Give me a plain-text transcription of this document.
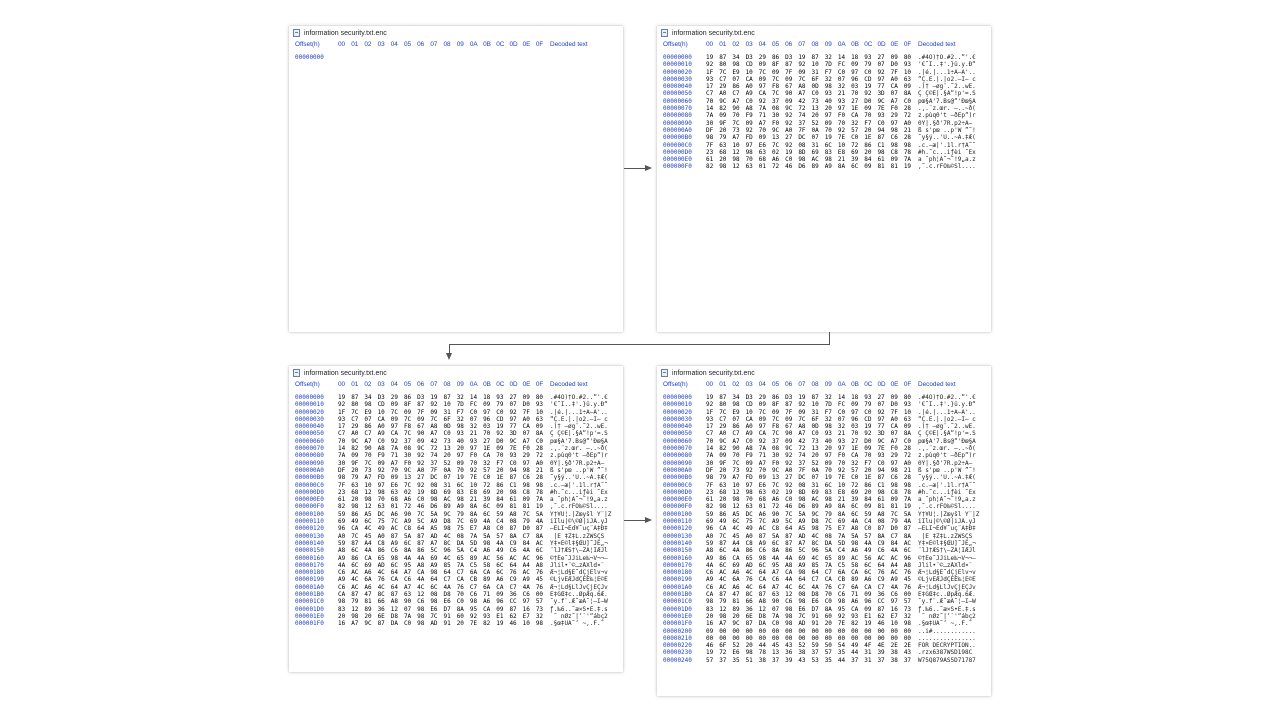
information security.txt.enc
Offset(h)	00 01 02 03 04 05 06 07 08 09 0A 0B 0C 0D 0E 0F	Decoded text
00000000
information security.txt.enc
Offset(h)	00 01 02 03 04 05 06 07 08 09 0A 0B 0C 0D 0E 0F	Decoded text
00000000	19 87 34 D3 29 86 D3 19 87 32 14 18 93 27 09 80	.#4Ó)†Ó.#2..“'.€
00000010	92 80 98 CD 09 8F 87 92 10 7D FC 09 79 07 D0 93	'€˜Í..‡'.}ü.y.Ð“
00000020	1F 7C E9 10 7C 09 7F 09 31 F7 C0 97 C0 92 7F 10	.|é.|...1÷À—À'..
00000030	93 C7 07 CA 09 7C 09 7C 6F 32 07 96 CD 97 A0 63	“Ç.Ê.|.|o2.–Í— c
00000040	17 29 86 A0 97 F8 67 A8 0D 98 32 03 19 77 CA 09	.)† —øg¨.˜2..wÊ.
00000050	C7 A0 C7 A9 CA 7C 90 A7 C0 93 21 70 92 3D 07 8A	Ç Ç©Ê|.§À“!p'=.Š
00000060	70 9C A7 C0 92 37 09 42 73 40 93 27 D0 9C A7 C0	pœ§À'7.Bs@“'Ðœ§À
00000070	14 82 90 A8 7A 08 9C 72 13 20 97 1E 09 7E F0 28	.‚.¨z.œr. —..~ð(
00000080	7A 09 70 F9 71 30 92 74 20 97 F0 CA 70 93 29 72	z.pùq0't —ðÊp“)r
00000090	30 9F 7C 09 A7 F0 92 37 52 09 70 32 F7 C0 97 A0	0Ÿ|.§ð'7R.p2÷À—
000000A0	DF 20 73 92 70 9C A0 7F 0A 70 92 57 20 94 98 21	ß s'pœ ..p'W ”˜!
000000B0	98 79 A7 FD 09 13 27 DC 07 19 7E C0 1E 87 C6 28	˜y§ý..'Ü..~À.‡Æ(
000000C0	7F 63 10 97 E6 7C 92 08 31 6C 10 72 86 C1 98 98	.c.—æ|'.1l.r†Á˜˜
000000D0	23 68 12 98 63 02 19 8D 69 83 E8 69 20 98 C8 78	#h.˜c...iƒèi ˜Èx
000000E0	61 20 98 70 68 A6 C0 98 AC 98 21 39 84 61 09 7A	a ˜ph¦À˜¬˜!9„a.z
000000F0	82 98 12 63 01 72 46 D6 89 A9 8A 6C 09 81 81 19	‚˜.c.rFÖ‰©Šl....
information security.txt.enc
Offset(h)	00 01 02 03 04 05 06 07 08 09 0A 0B 0C 0D 0E 0F	Decoded text
00000000	19 87 34 D3 29 86 D3 19 87 32 14 18 93 27 09 80	.#4Ó)†Ó.#2..“'.€
00000010	92 80 98 CD 09 8F 87 92 10 7D FC 09 79 07 D0 93	'€˜Í..‡'.}ü.y.Ð“
00000020	1F 7C E9 10 7C 09 7F 09 31 F7 C0 97 C0 92 7F 10	.|é.|...1÷À—À'..
00000030	93 C7 07 CA 09 7C 09 7C 6F 32 07 96 CD 97 A0 63	“Ç.Ê.|.|o2.–Í— c
00000040	17 29 86 A0 97 F8 67 A8 0D 98 32 03 19 77 CA 09	.)† —øg¨.˜2..wÊ.
00000050	C7 A0 C7 A9 CA 7C 90 A7 C0 93 21 70 92 3D 07 8A	Ç Ç©Ê|.§À“!p'=.Š
00000060	70 9C A7 C0 92 37 09 42 73 40 93 27 D0 9C A7 C0	pœ§À'7.Bs@“'Ðœ§À
00000070	14 82 90 A8 7A 08 9C 72 13 20 97 1E 09 7E F0 28	.‚.¨z.œr. —..~ð(
00000080	7A 09 70 F9 71 30 92 74 20 97 F0 CA 70 93 29 72	z.pùq0't —ðÊp“)r
00000090	30 9F 7C 09 A7 F0 92 37 52 09 70 32 F7 C0 97 A0	0Ÿ|.§ð'7R.p2÷À—
000000A0	DF 20 73 92 70 9C A0 7F 0A 70 92 57 20 94 98 21	ß s'pœ ..p'W ”˜!
000000B0	98 79 A7 FD 09 13 27 DC 07 19 7E C0 1E 87 C6 28	˜y§ý..'Ü..~À.‡Æ(
000000C0	7F 63 10 97 E6 7C 92 08 31 6C 10 72 86 C1 98 98	.c.—æ|'.1l.r†Á˜˜
000000D0	23 68 12 98 63 02 19 8D 69 83 E8 69 20 98 C8 78	#h.˜c...iƒèi ˜Èx
000000E0	61 20 98 70 68 A6 C0 98 AC 98 21 39 84 61 09 7A	a ˜ph¦À˜¬˜!9„a.z
000000F0	82 98 12 63 01 72 46 D6 89 A9 8A 6C 09 81 81 19	‚˜.c.rFÖ‰©Šl....
00000100	59 86 A5 DC A6 90 7C 5A 9C 79 8A 6C 59 A8 7C 5A	Y†¥Ü¦.|Zœyšl Y¨|Z
00000110	69 49 6C 75 7C A9 5C A9 D8 7C 69 4A C4 08 79 4A	iIlu|©\©Ø|iJÄ.yJ
00000120	96 CA 4C 49 AC C8 64 A5 98 75 E7 A8 C0 87 D0 87	–ÊLI¬Èd¥˜uç¨À‡Ð‡
00000130	A0 7C 45 A0 87 5A 87 AD 4C 08 7A 5A 57 8A C7 8A	|E ‡Z‡L.zZWŠÇŠ
00000140	59 87 A4 C8 A9 6C 87 A7 8C DA 5D 98 4A C9 84 AC	Y‡¤È©l‡§ŒÚ]˜JÉ„¬
00000150	A8 6C 4A 86 C6 8A 86 5C 96 5A C4 A6 49 C6 4A 6C	¨lJ†ÆŠ†\–ZÄ¦IÆJl
00000160	A9 86 CA 65 98 4A 4A 69 4C 65 89 AC 56 AC AC 96	©†Êe˜JJiLe‰¬V¬¬–
00000170	4A 6C 69 AD 6C 95 A8 A9 85 7A C5 58 6C 64 A4 A8	Jlil•¨©…zÅXld¤¨
00000180	C6 AC A6 4C 64 A7 CA 98 64 C7 6A CA 6C 76 AC 76	Æ¬¦Ld§Ê˜dÇjÊlv¬v
00000190	A9 4C 6A 76 CA C6 4A 64 C7 CA CB 89 A6 C9 A9 45	©LjvÊÆJdÇÊË‰¦É©E
000001A0	C6 AC A6 4C 64 A7 4C 6C 4A 76 C7 6A CA C7 4A 76	Æ¬¦Ld§LlJvÇjÊÇJv
000001B0	CA 87 47 8C 87 63 12 08 D8 70 C6 71 09 36 C6 00	Ê‡GŒ‡c..ØpÆq.6Æ.
000001C0	98 79 81 66 A8 90 C6 98 E6 C0 98 A6 96 CC 97 57	˜y.f¨.Æ˜æÀ˜¦–Ì—W
000001D0	83 12 89 36 12 07 98 E6 D7 8A 95 CA 09 87 16 73	ƒ.‰6..˜æ×Š•Ê.‡.s
000001E0	20 98 20 6E D8 7A 98 7C 91 60 92 93 E1 62 E7 32	˜ nØz˜|‘`'“ábç2
000001F0	16 A7 9C 87 DA C0 98 AD 91 20 7E 82 19 46 10 98	.§œ‡ÚÀ˜‘ ~‚.F.˜
information security.txt.enc
Offset(h)	00 01 02 03 04 05 06 07 08 09 0A 0B 0C 0D 0E 0F	Decoded text
00000000	19 87 34 D3 29 86 D3 19 87 32 14 18 93 27 09 80	.#4Ó)†Ó.#2..“'.€
00000010	92 80 98 CD 09 8F 87 92 10 7D FC 09 79 07 D0 93	'€˜Í..‡'.}ü.y.Ð“
00000020	1F 7C E9 10 7C 09 7F 09 31 F7 C0 97 C0 92 7F 10	.|é.|...1÷À—À'..
00000030	93 C7 07 CA 09 7C 09 7C 6F 32 07 96 CD 97 A0 63	“Ç.Ê.|.|o2.–Í— c
00000040	17 29 86 A0 97 F8 67 A8 0D 98 32 03 19 77 CA 09	.)† —øg¨.˜2..wÊ.
00000050	C7 A0 C7 A9 CA 7C 90 A7 C0 93 21 70 92 3D 07 8A	Ç Ç©Ê|.§À“!p'=.Š
00000060	70 9C A7 C0 92 37 09 42 73 40 93 27 D0 9C A7 C0	pœ§À'7.Bs@“'Ðœ§À
00000070	14 82 90 A8 7A 08 9C 72 13 20 97 1E 09 7E F0 28	.‚.¨z.œr. —..~ð(
00000080	7A 09 70 F9 71 30 92 74 20 97 F0 CA 70 93 29 72	z.pùq0't —ðÊp“)r
00000090	30 9F 7C 09 A7 F0 92 37 52 09 70 32 F7 C0 97 A0	0Ÿ|.§ð'7R.p2÷À—
000000A0	DF 20 73 92 70 9C A0 7F 0A 70 92 57 20 94 98 21	ß s'pœ ..p'W ”˜!
000000B0	98 79 A7 FD 09 13 27 DC 07 19 7E C0 1E 87 C6 28	˜y§ý..'Ü..~À.‡Æ(
000000C0	7F 63 10 97 E6 7C 92 08 31 6C 10 72 86 C1 98 98	.c.—æ|'.1l.r†Á˜˜
000000D0	23 68 12 98 63 02 19 8D 69 83 E8 69 20 98 C8 78	#h.˜c...iƒèi ˜Èx
000000E0	61 20 98 70 68 A6 C0 98 AC 98 21 39 84 61 09 7A	a ˜ph¦À˜¬˜!9„a.z
000000F0	82 98 12 63 01 72 46 D6 89 A9 8A 6C 09 81 81 19	‚˜.c.rFÖ‰©Šl....
00000100	59 86 A5 DC A6 90 7C 5A 9C 79 8A 6C 59 A8 7C 5A	Y†¥Ü¦.|Zœyšl Y¨|Z
00000110	69 49 6C 75 7C A9 5C A9 D8 7C 69 4A C4 08 79 4A	iIlu|©\©Ø|iJÄ.yJ
00000120	96 CA 4C 49 AC C8 64 A5 98 75 E7 A8 C0 87 D0 87	–ÊLI¬Èd¥˜uç¨À‡Ð‡
00000130	A0 7C 45 A0 87 5A 87 AD 4C 08 7A 5A 57 8A C7 8A	|E ‡Z‡L.zZWŠÇŠ
00000140	59 87 A4 C8 A9 6C 87 A7 8C DA 5D 98 4A C9 84 AC	Y‡¤È©l‡§ŒÚ]˜JÉ„¬
00000150	A8 6C 4A 86 C6 8A 86 5C 96 5A C4 A6 49 C6 4A 6C	¨lJ†ÆŠ†\–ZÄ¦IÆJl
00000160	A9 86 CA 65 98 4A 4A 69 4C 65 89 AC 56 AC AC 96	©†Êe˜JJiLe‰¬V¬¬–
00000170	4A 6C 69 AD 6C 95 A8 A9 85 7A C5 58 6C 64 A4 A8	Jlil•¨©…zÅXld¤¨
00000180	C6 AC A6 4C 64 A7 CA 98 64 C7 6A CA 6C 76 AC 76	Æ¬¦Ld§Ê˜dÇjÊlv¬v
00000190	A9 4C 6A 76 CA C6 4A 64 C7 CA CB 89 A6 C9 A9 45	©LjvÊÆJdÇÊË‰¦É©E
000001A0	C6 AC A6 4C 64 A7 4C 6C 4A 76 C7 6A CA C7 4A 76	Æ¬¦Ld§LlJvÇjÊÇJv
000001B0	CA 87 47 8C 87 63 12 08 D8 70 C6 71 09 36 C6 00	Ê‡GŒ‡c..ØpÆq.6Æ.
000001C0	98 79 81 66 A8 90 C6 98 E6 C0 98 A6 96 CC 97 57	˜y.f¨.Æ˜æÀ˜¦–Ì—W
000001D0	83 12 89 36 12 07 98 E6 D7 8A 95 CA 09 87 16 73	ƒ.‰6..˜æ×Š•Ê.‡.s
000001E0	20 98 20 6E D8 7A 98 7C 91 60 92 93 E1 62 E7 32	˜ nØz˜|‘`'“ábç2
000001F0	16 A7 9C 87 DA C0 98 AD 91 20 7E 82 19 46 10 98	.§œ‡ÚÀ˜‘ ~‚.F.˜
00000200	09 00 00 00 00 00 00 00 00 00 00 00 00 00 00 00	..i#............
00000210	00 00 00 00 00 00 00 00 00 00 00 00 00 00 00 00	................
00000220	46 6F 52 20 44 45 43 52 59 50 54 49 4F 4E 2E 2E	FOR DECRYPTION..
00000230	19 72 E6 98 78 13 36 38 37 57 35 44 31 39 38 43	.rzx6387WSD198C
00000240	57 37 35 51 38 37 39 43 53 35 44 37 31 37 38 37	W75Q879AS5D71787
